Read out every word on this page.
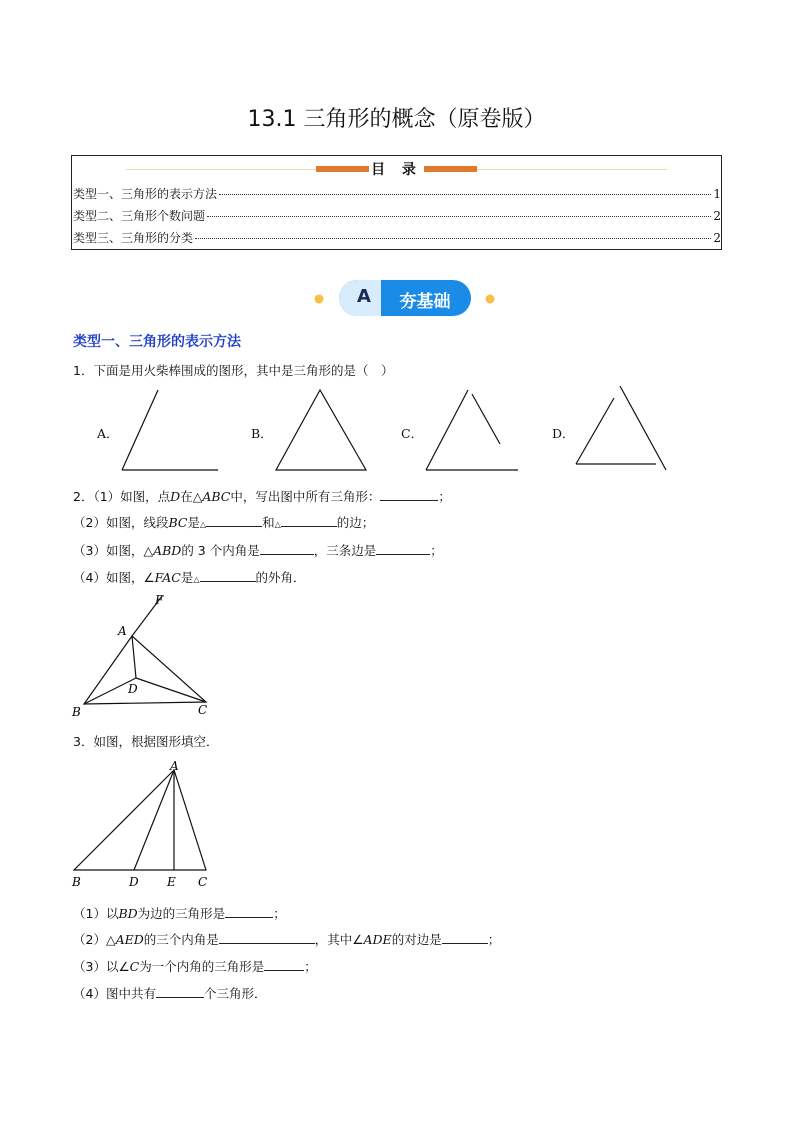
13.1 三角形的概念（原卷版）
目 录
类型一、三角形的表示方法	1
类型二、三角形个数问题	2
类型三、三角形的分类	2
A	夯基础
类型一、三角形的表示方法
1．下面是用火柴棒围成的图形，其中是三角形的是（　）
A．	B．	C．	D．
2．（1）如图，点D在△ABC中，写出图中所有三角形：	；
（2）如图，线段BC是△	和△	的边；
（3）如图，△ABD的 3 个内角是	，三条边是	；
（4）如图，∠FAC是△	的外角．
F
A
D
B	C
3．如图，根据图形填空．
A
B	D E C
（1）以BD为边的三角形是	；
（2）△AED的三个内角是	，其中∠ADE的对边是	；
（3）以∠C为一个内角的三角形是	；
（4）图中共有	个三角形．
